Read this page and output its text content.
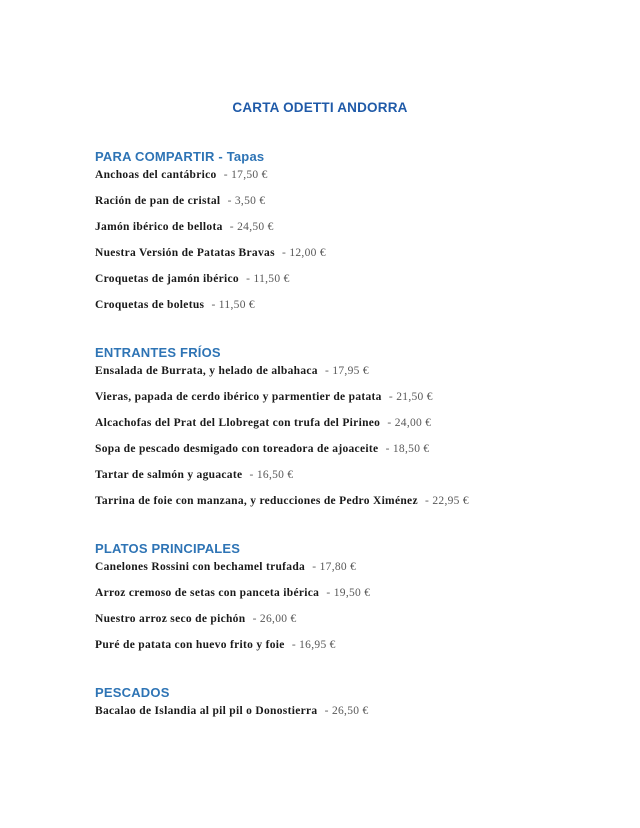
CARTA ODETTI ANDORRA
PARA COMPARTIR - Tapas
Anchoas del cantábrico - 17,50 €
Ración de pan de cristal - 3,50 €
Jamón ibérico de bellota - 24,50 €
Nuestra Versión de Patatas Bravas - 12,00 €
Croquetas de jamón ibérico - 11,50 €
Croquetas de boletus - 11,50 €
ENTRANTES FRÍOS
Ensalada de Burrata, y helado de albahaca - 17,95 €
Vieras, papada de cerdo ibérico y parmentier de patata - 21,50 €
Alcachofas del Prat del Llobregat con trufa del Pirineo - 24,00 €
Sopa de pescado desmigado con toreadora de ajoaceite - 18,50 €
Tartar de salmón y aguacate - 16,50 €
Tarrina de foie con manzana, y reducciones de Pedro Ximénez - 22,95 €
PLATOS PRINCIPALES
Canelones Rossini con bechamel trufada - 17,80 €
Arroz cremoso de setas con panceta ibérica - 19,50 €
Nuestro arroz seco de pichón - 26,00 €
Puré de patata con huevo frito y foie - 16,95 €
PESCADOS
Bacalao de Islandia al pil pil o Donostierra - 26,50 €
